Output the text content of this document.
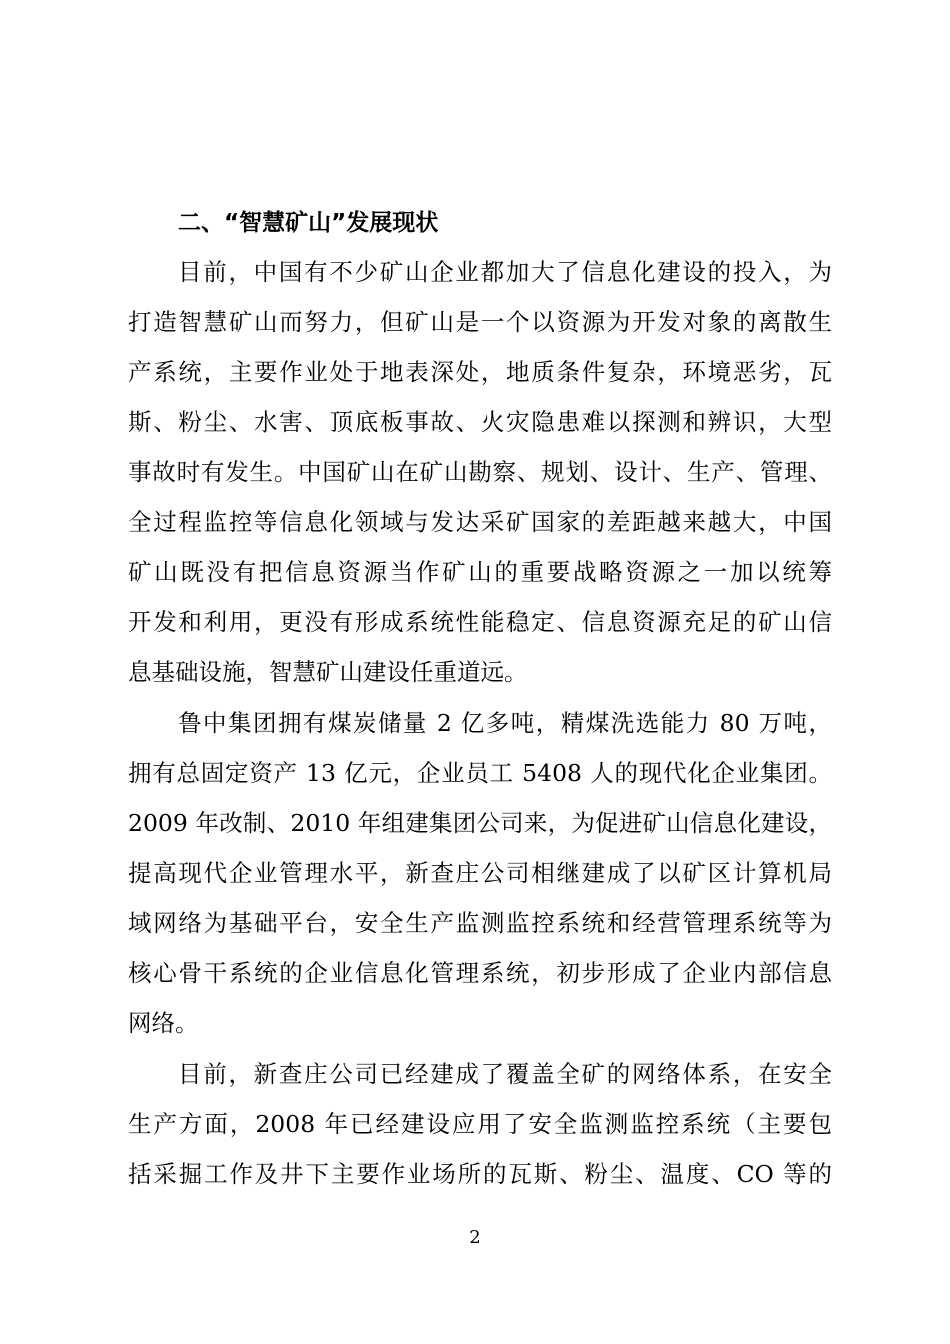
二、“智慧矿山”发展现状
目前，中国有不少矿山企业都加大了信息化建设的投入，为
打造智慧矿山而努力，但矿山是一个以资源为开发对象的离散生
产系统，主要作业处于地表深处，地质条件复杂，环境恶劣，瓦
斯、粉尘、水害、顶底板事故、火灾隐患难以探测和辨识，大型
事故时有发生。中国矿山在矿山勘察、规划、设计、生产、管理、
全过程监控等信息化领域与发达采矿国家的差距越来越大，中国
矿山既没有把信息资源当作矿山的重要战略资源之一加以统筹
开发和利用，更没有形成系统性能稳定、信息资源充足的矿山信
息基础设施，智慧矿山建设任重道远。
鲁中集团拥有煤炭储量 2 亿多吨，精煤洗选能力 80 万吨，
拥有总固定资产 13 亿元，企业员工 5408 人的现代化企业集团。
2009 年改制、2010 年组建集团公司来，为促进矿山信息化建设，
提高现代企业管理水平，新查庄公司相继建成了以矿区计算机局
域网络为基础平台，安全生产监测监控系统和经营管理系统等为
核心骨干系统的企业信息化管理系统，初步形成了企业内部信息
网络。
目前，新查庄公司已经建成了覆盖全矿的网络体系，在安全
生产方面，2008 年已经建设应用了安全监测监控系统（主要包
括采掘工作及井下主要作业场所的瓦斯、粉尘、温度、CO 等的
2
